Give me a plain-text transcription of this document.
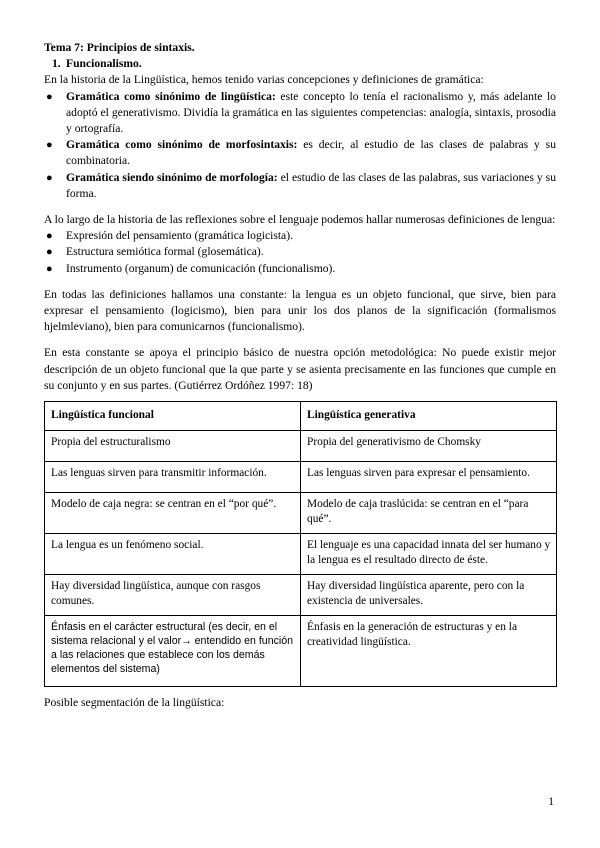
Tema 7: Principios de sintaxis.

1. Funcionalismo.

En la historia de la Lingüística, hemos tenido varias concepciones y definiciones de gramática:

● Gramática como sinónimo de lingüística: este concepto lo tenía el racionalismo y, más adelante lo adoptó el generativismo. Dividía la gramática en las siguientes competencias: analogía, sintaxis, prosodia y ortografía.
● Gramática como sinónimo de morfosintaxis: es decir, al estudio de las clases de palabras y su combinatoria.
● Gramática siendo sinónimo de morfología: el estudio de las clases de las palabras, sus variaciones y su forma.

A lo largo de la historia de las reflexiones sobre el lenguaje podemos hallar numerosas definiciones de lengua:

● Expresión del pensamiento (gramática logicista).
● Estructura semiótica formal (glosemática).
● Instrumento (organum) de comunicación (funcionalismo).

En todas las definiciones hallamos una constante: la lengua es un objeto funcional, que sirve, bien para expresar el pensamiento (logicismo), bien para unir los dos planos de la significación (formalismos hjelmleviano), bien para comunicarnos (funcionalismo).

En esta constante se apoya el principio básico de nuestra opción metodológica: No puede existir mejor descripción de un objeto funcional que la que parte y se asienta precisamente en las funciones que cumple en su conjunto y en sus partes. (Gutiérrez Ordóñez 1997: 18)

Lingüística funcional	Lingüística generativa
Propia del estructuralismo	Propia del generativismo de Chomsky
Las lenguas sirven para transmitir información.	Las lenguas sirven para expresar el pensamiento.
Modelo de caja negra: se centran en el “por qué”.	Modelo de caja traslúcida: se centran en el “para qué”.
La lengua es un fenómeno social.	El lenguaje es una capacidad innata del ser humano y la lengua es el resultado directo de éste.
Hay diversidad lingüística, aunque con rasgos comunes.	Hay diversidad lingüística aparente, pero con la existencia de universales.
Énfasis en el carácter estructural (es decir, en el sistema relacional y el valor→ entendido en función a las relaciones que establece con los demás elementos del sistema)	Énfasis en la generación de estructuras y en la creatividad lingüística.

Posible segmentación de la lingüística:

1
